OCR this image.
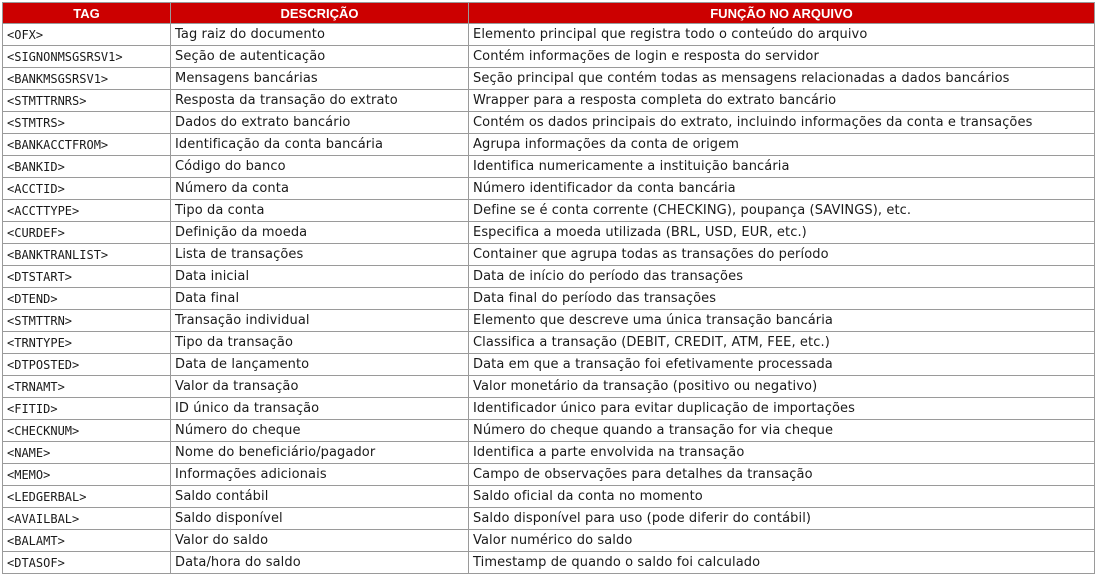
TAG	DESCRIÇÃO	FUNÇÃO NO ARQUIVO
<OFX>	Tag raiz do documento	Elemento principal que registra todo o conteúdo do arquivo
<SIGNONMSGSRSV1>	Seção de autenticação	Contém informações de login e resposta do servidor
<BANKMSGSRSV1>	Mensagens bancárias	Seção principal que contém todas as mensagens relacionadas a dados bancários
<STMTTRNRS>	Resposta da transação do extrato	Wrapper para a resposta completa do extrato bancário
<STMTRS>	Dados do extrato bancário	Contém os dados principais do extrato, incluindo informações da conta e transações
<BANKACCTFROM>	Identificação da conta bancária	Agrupa informações da conta de origem
<BANKID>	Código do banco	Identifica numericamente a instituição bancária
<ACCTID>	Número da conta	Número identificador da conta bancária
<ACCTTYPE>	Tipo da conta	Define se é conta corrente (CHECKING), poupança (SAVINGS), etc.
<CURDEF>	Definição da moeda	Especifica a moeda utilizada (BRL, USD, EUR, etc.)
<BANKTRANLIST>	Lista de transações	Container que agrupa todas as transações do período
<DTSTART>	Data inicial	Data de início do período das transações
<DTEND>	Data final	Data final do período das transações
<STMTTRN>	Transação individual	Elemento que descreve uma única transação bancária
<TRNTYPE>	Tipo da transação	Classifica a transação (DEBIT, CREDIT, ATM, FEE, etc.)
<DTPOSTED>	Data de lançamento	Data em que a transação foi efetivamente processada
<TRNAMT>	Valor da transação	Valor monetário da transação (positivo ou negativo)
<FITID>	ID único da transação	Identificador único para evitar duplicação de importações
<CHECKNUM>	Número do cheque	Número do cheque quando a transação for via cheque
<NAME>	Nome do beneficiário/pagador	Identifica a parte envolvida na transação
<MEMO>	Informações adicionais	Campo de observações para detalhes da transação
<LEDGERBAL>	Saldo contábil	Saldo oficial da conta no momento
<AVAILBAL>	Saldo disponível	Saldo disponível para uso (pode diferir do contábil)
<BALAMT>	Valor do saldo	Valor numérico do saldo
<DTASOF>	Data/hora do saldo	Timestamp de quando o saldo foi calculado
